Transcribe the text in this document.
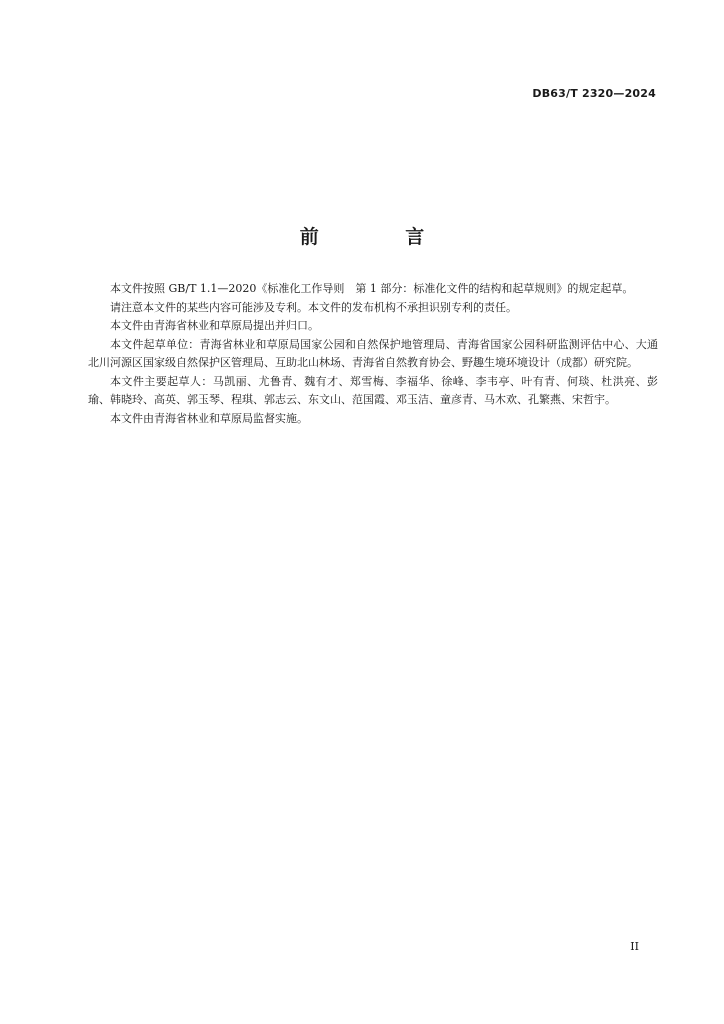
DB63/T 2320—2024
前 言

本文件按照 GB/T 1.1—2020《标准化工作导则　第 1 部分：标准化文件的结构和起草规则》的规定起草。

请注意本文件的某些内容可能涉及专利。本文件的发布机构不承担识别专利的责任。

本文件由青海省林业和草原局提出并归口。

本文件起草单位：青海省林业和草原局国家公园和自然保护地管理局、青海省国家公园科研监测评估中心、大通北川河源区国家级自然保护区管理局、互助北山林场、青海省自然教育协会、野趣生境环境设计（成都）研究院。

本文件主要起草人：马凯丽、尤鲁青、魏有才、郑雪梅、李福华、徐峰、李韦亭、叶有青、何琰、杜洪亮、彭瑜、韩晓玲、高英、郭玉琴、程琪、郭志云、东文山、范国霞、邓玉洁、童彦青、马木欢、孔繁燕、宋哲宇。

本文件由青海省林业和草原局监督实施。

II
